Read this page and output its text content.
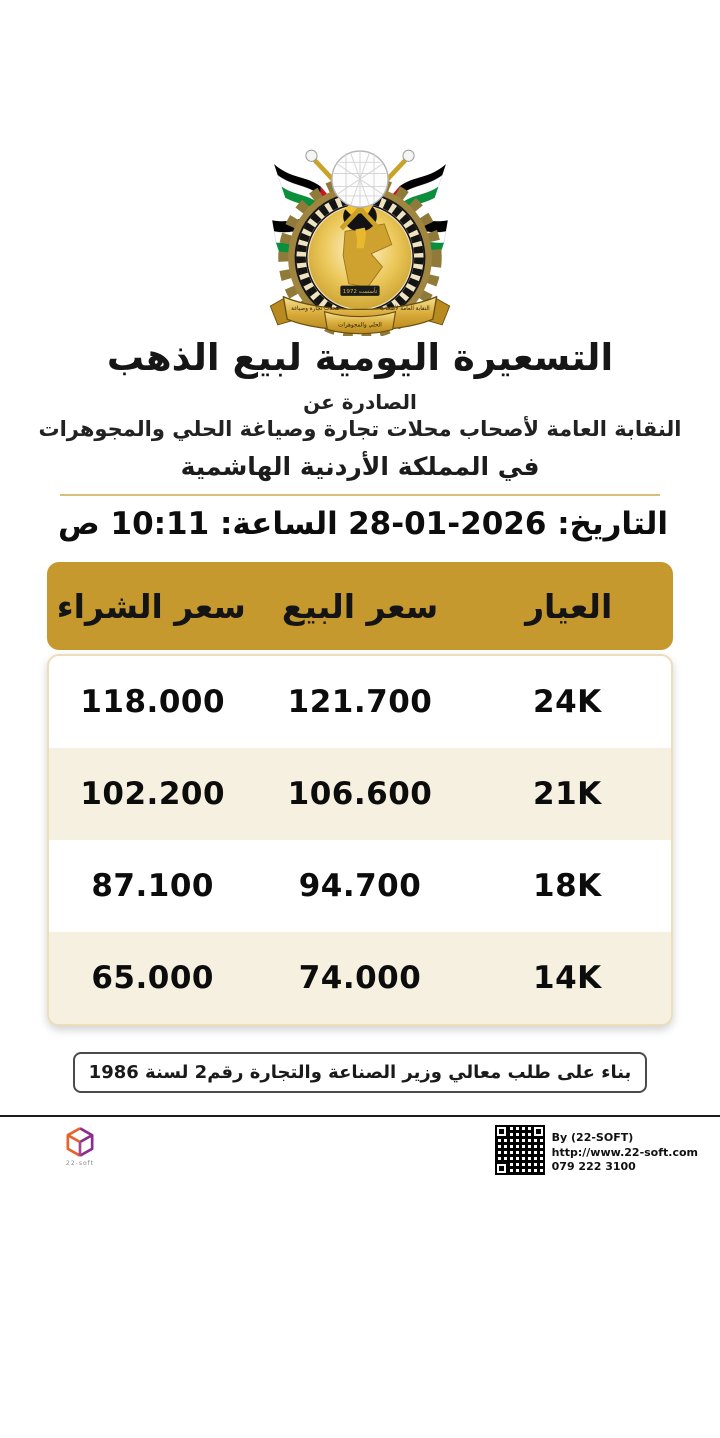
تأسست 1972
النقابة العامة لأصحاب
محلات تجارة وصياغة
الحلي والمجوهرات
التسعيرة اليومية لبيع الذهب
الصادرة عن
النقابة العامة لأصحاب محلات تجارة وصياغة الحلي والمجوهرات
في المملكة الأردنية الهاشمية
التاريخ: 28-01-2026
الساعة: 10:11 ص
العيار
سعر البيع
سعر الشراء
24K
121.700
118.000
21K
106.600
102.200
18K
94.700
87.100
14K
74.000
65.000
بناء على طلب معالي وزير الصناعة والتجارة رقم2 لسنة 1986
22-soft
By (22-SOFT)
http://www.22-soft.com
079 222 3100
